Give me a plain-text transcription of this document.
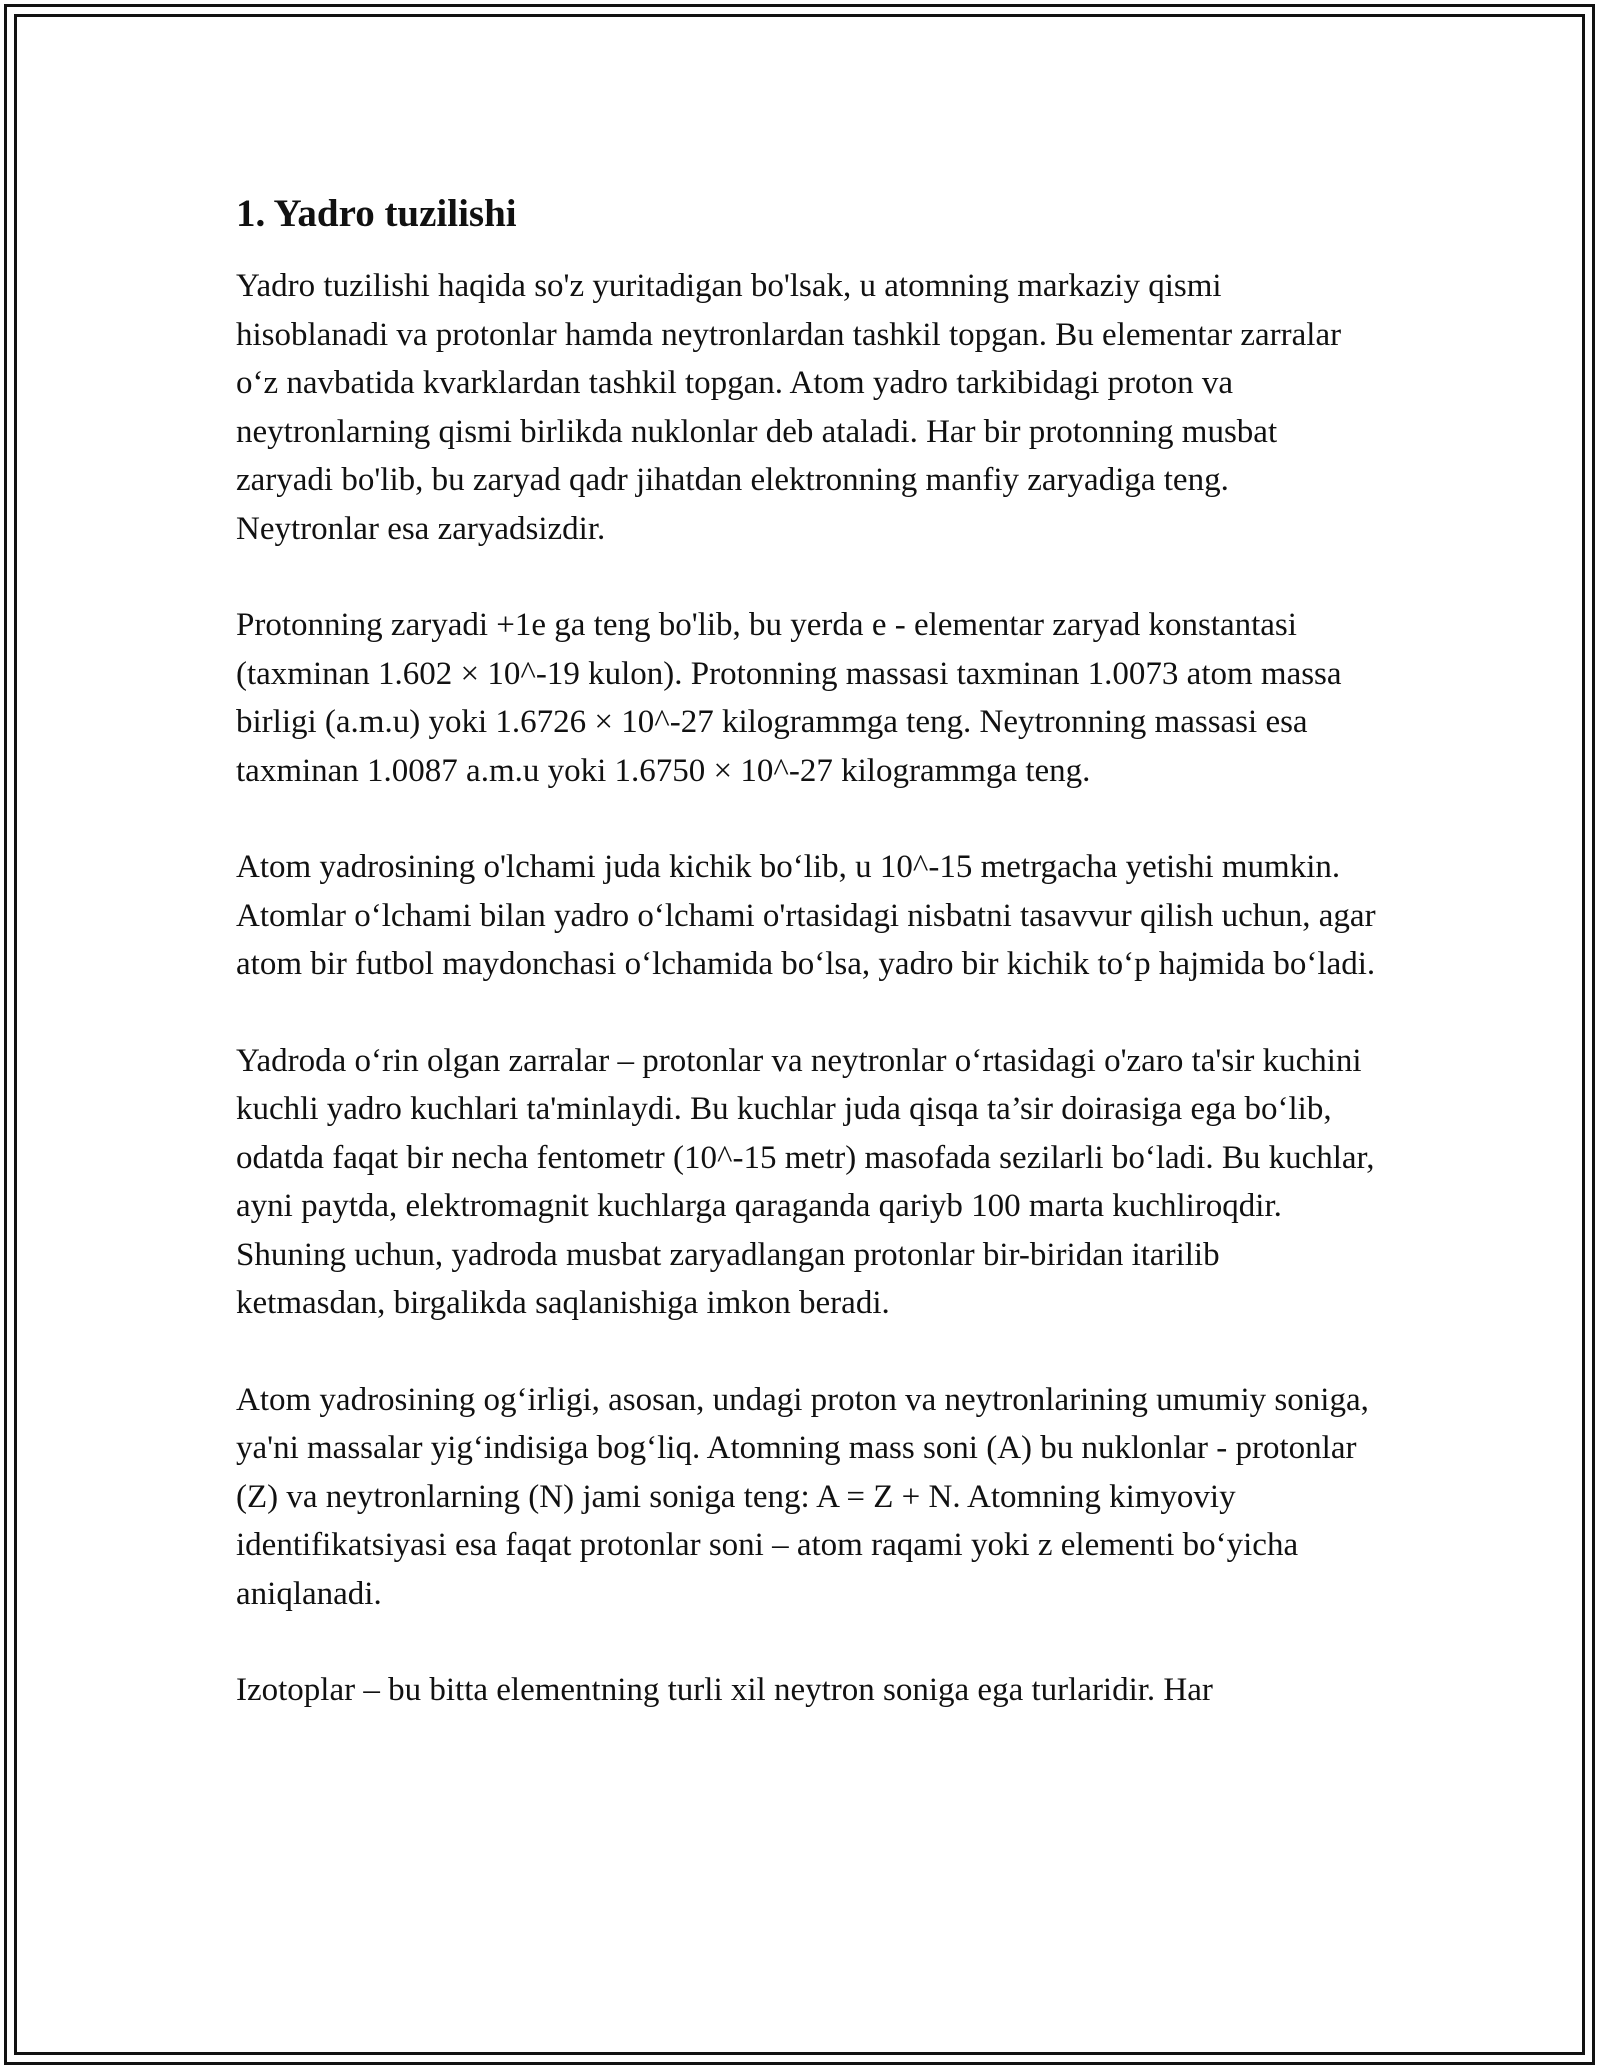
1. Yadro tuzilishi

Yadro tuzilishi haqida so'z yuritadigan bo'lsak, u atomning markaziy qismi hisoblanadi va protonlar hamda neytronlardan tashkil topgan. Bu elementar zarralar o‘z navbatida kvarklardan tashkil topgan. Atom yadro tarkibidagi proton va neytronlarning qismi birlikda nuklonlar deb ataladi. Har bir protonning musbat zaryadi bo'lib, bu zaryad qadr jihatdan elektronning manfiy zaryadiga teng. Neytronlar esa zaryadsizdir.

Protonning zaryadi +1e ga teng bo'lib, bu yerda e - elementar zaryad konstantasi (taxminan 1.602 × 10^-19 kulon). Protonning massasi taxminan 1.0073 atom massa birligi (a.m.u) yoki 1.6726 × 10^-27 kilogrammga teng. Neytronning massasi esa taxminan 1.0087 a.m.u yoki 1.6750 × 10^-27 kilogrammga teng.

Atom yadrosining o'lchami juda kichik bo‘lib, u 10^-15 metrgacha yetishi mumkin. Atomlar o‘lchami bilan yadro o‘lchami o'rtasidagi nisbatni tasavvur qilish uchun, agar atom bir futbol maydonchasi o‘lchamida bo‘lsa, yadro bir kichik to‘p hajmida bo‘ladi.

Yadroda o‘rin olgan zarralar – protonlar va neytronlar o‘rtasidagi o'zaro ta'sir kuchini kuchli yadro kuchlari ta'minlaydi. Bu kuchlar juda qisqa ta’sir doirasiga ega bo‘lib, odatda faqat bir necha fentometr (10^-15 metr) masofada sezilarli bo‘ladi. Bu kuchlar, ayni paytda, elektromagnit kuchlarga qaraganda qariyb 100 marta kuchliroqdir. Shuning uchun, yadroda musbat zaryadlangan protonlar bir-biridan itarilib ketmasdan, birgalikda saqlanishiga imkon beradi.

Atom yadrosining og‘irligi, asosan, undagi proton va neytronlarining umumiy soniga, ya'ni massalar yig‘indisiga bog‘liq. Atomning mass soni (A) bu nuklonlar - protonlar (Z) va neytronlarning (N) jami soniga teng: A = Z + N. Atomning kimyoviy identifikatsiyasi esa faqat protonlar soni – atom raqami yoki z elementi bo‘yicha aniqlanadi.

Izotoplar – bu bitta elementning turli xil neytron soniga ega turlaridir. Har
